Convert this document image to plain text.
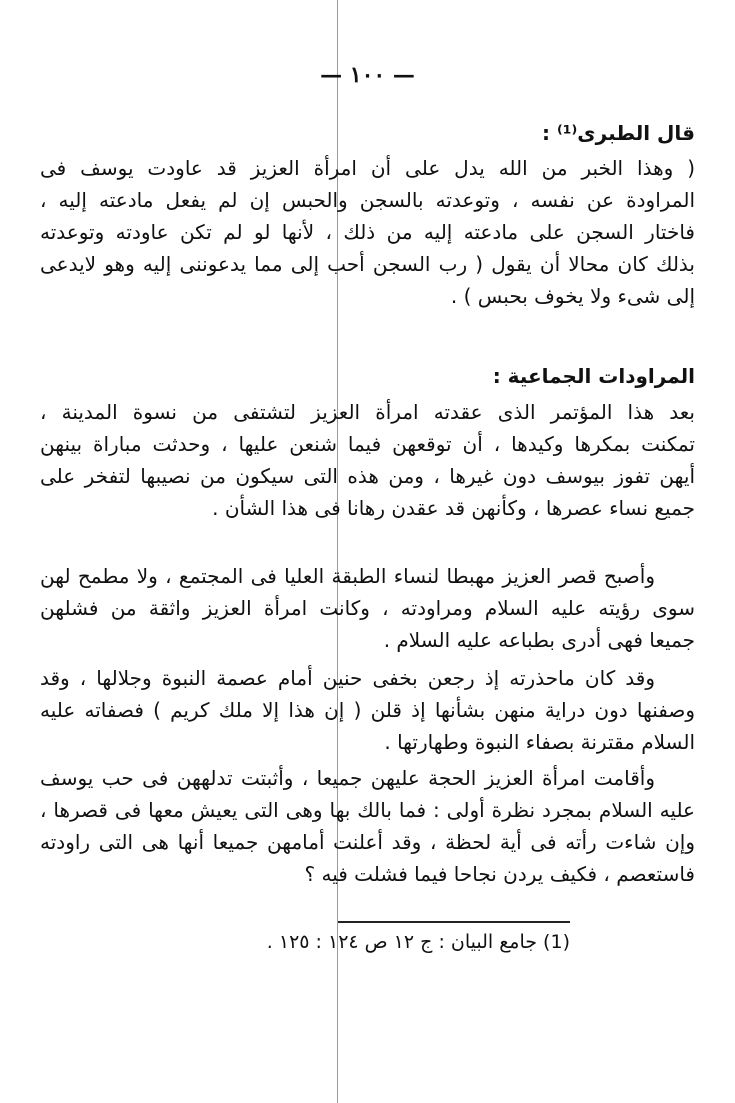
— ١٠٠ —
قال الطبرى⁽¹⁾ :
( وهذا الخبر من الله يدل على أن امرأة العزيز قد عاودت يوسف فى
المراودة عن نفسه ، وتوعدته بالسجن والحبس إن لم يفعل مادعته إليه ،
فاختار السجن على مادعته إليه من ذلك ، لأنها لو لم تكن عاودته وتوعدته
بذلك كان محالا أن يقول ( رب السجن أحب إلى مما يدعوننى إليه وهو لايدعى
إلى شىء ولا يخوف بحبس ) .
المراودات الجماعية :
بعد هذا المؤتمر الذى عقدته امرأة العزيز لتشتفى من نسوة المدينة ،
تمكنت بمكرها وكيدها ، أن توقعهن فيما شنعن عليها ، وحدثت مباراة بينهن
أيهن تفوز بيوسف دون غيرها ، ومن هذه التى سيكون من نصيبها لتفخر على
جميع نساء عصرها ، وكأنهن قد عقدن رهانا فى هذا الشأن .
وأصبح قصر العزيز مهبطا لنساء الطبقة العليا فى المجتمع ، ولا مطمح لهن
سوى رؤيته عليه السلام ومراودته ، وكانت امرأة العزيز واثقة من فشلهن
جميعا فهى أدرى بطباعه عليه السلام .
وقد كان ماحذرته إذ رجعن بخفى حنين أمام عصمة النبوة وجلالها ، وقد
وصفنها دون دراية منهن بشأنها إذ قلن ( إن هذا إلا ملك كريم ) فصفاته عليه
السلام مقترنة بصفاء النبوة وطهارتها .
وأقامت امرأة العزيز الحجة عليهن جميعا ، وأثبتت تدلههن فى حب يوسف
عليه السلام بمجرد نظرة أولى : فما بالك بها وهى التى يعيش معها فى قصرها ،
وإن شاءت رأته فى أية لحظة ، وقد أعلنت أمامهن جميعا أنها هى التى راودته
فاستعصم ، فكيف يردن نجاحا فيما فشلت فيه ؟
(1) جامع البيان : ج ١٢ ص ١٢٤ : ١٢٥ .
